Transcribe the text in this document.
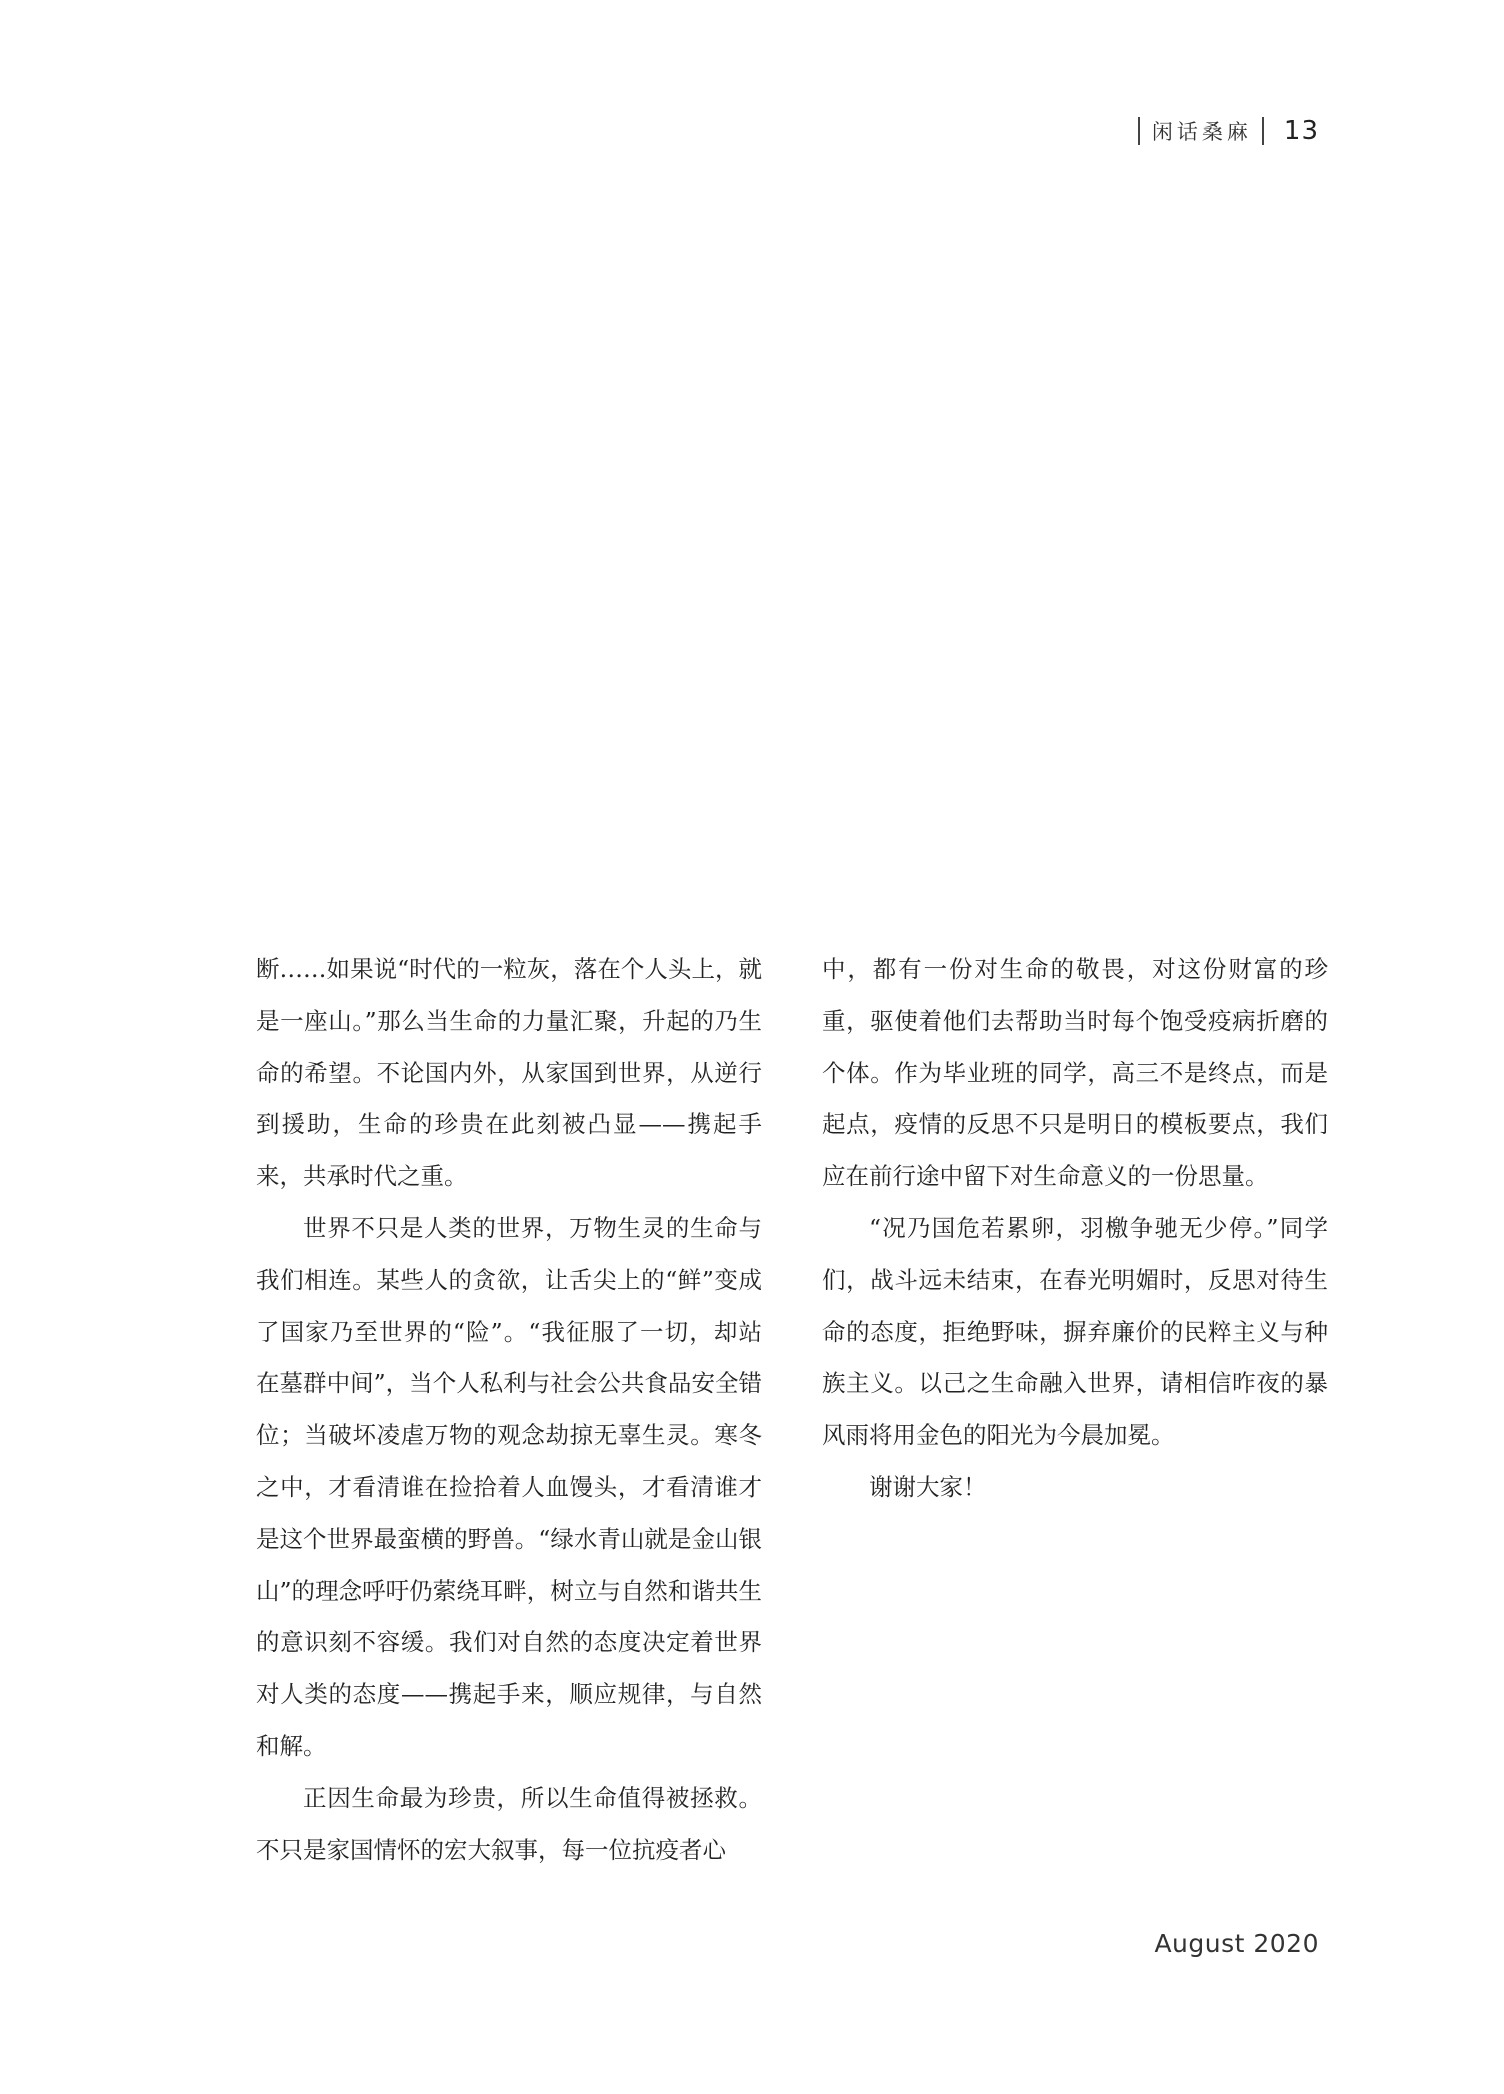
闲话桑麻 13

断……如果说“时代的一粒灰，落在个人头上，就是一座山。”那么当生命的力量汇聚，升起的乃生命的希望。不论国内外，从家国到世界，从逆行到援助，生命的珍贵在此刻被凸显——携起手来，共承时代之重。

世界不只是人类的世界，万物生灵的生命与我们相连。某些人的贪欲，让舌尖上的“鲜”变成了国家乃至世界的“险”。“我征服了一切，却站在墓群中间”，当个人私利与社会公共食品安全错位；当破坏凌虐万物的观念劫掠无辜生灵。寒冬之中，才看清谁在捡拾着人血馒头，才看清谁才是这个世界最蛮横的野兽。“绿水青山就是金山银山”的理念呼吁仍萦绕耳畔，树立与自然和谐共生的意识刻不容缓。我们对自然的态度决定着世界对人类的态度——携起手来，顺应规律，与自然和解。

正因生命最为珍贵，所以生命值得被拯救。不只是家国情怀的宏大叙事，每一位抗疫者心

中，都有一份对生命的敬畏，对这份财富的珍重，驱使着他们去帮助当时每个饱受疫病折磨的个体。作为毕业班的同学，高三不是终点，而是起点，疫情的反思不只是明日的模板要点，我们应在前行途中留下对生命意义的一份思量。

“况乃国危若累卵，羽檄争驰无少停。”同学们，战斗远未结束，在春光明媚时，反思对待生命的态度，拒绝野味，摒弃廉价的民粹主义与种族主义。以己之生命融入世界，请相信昨夜的暴风雨将用金色的阳光为今晨加冕。

谢谢大家！

August 2020
